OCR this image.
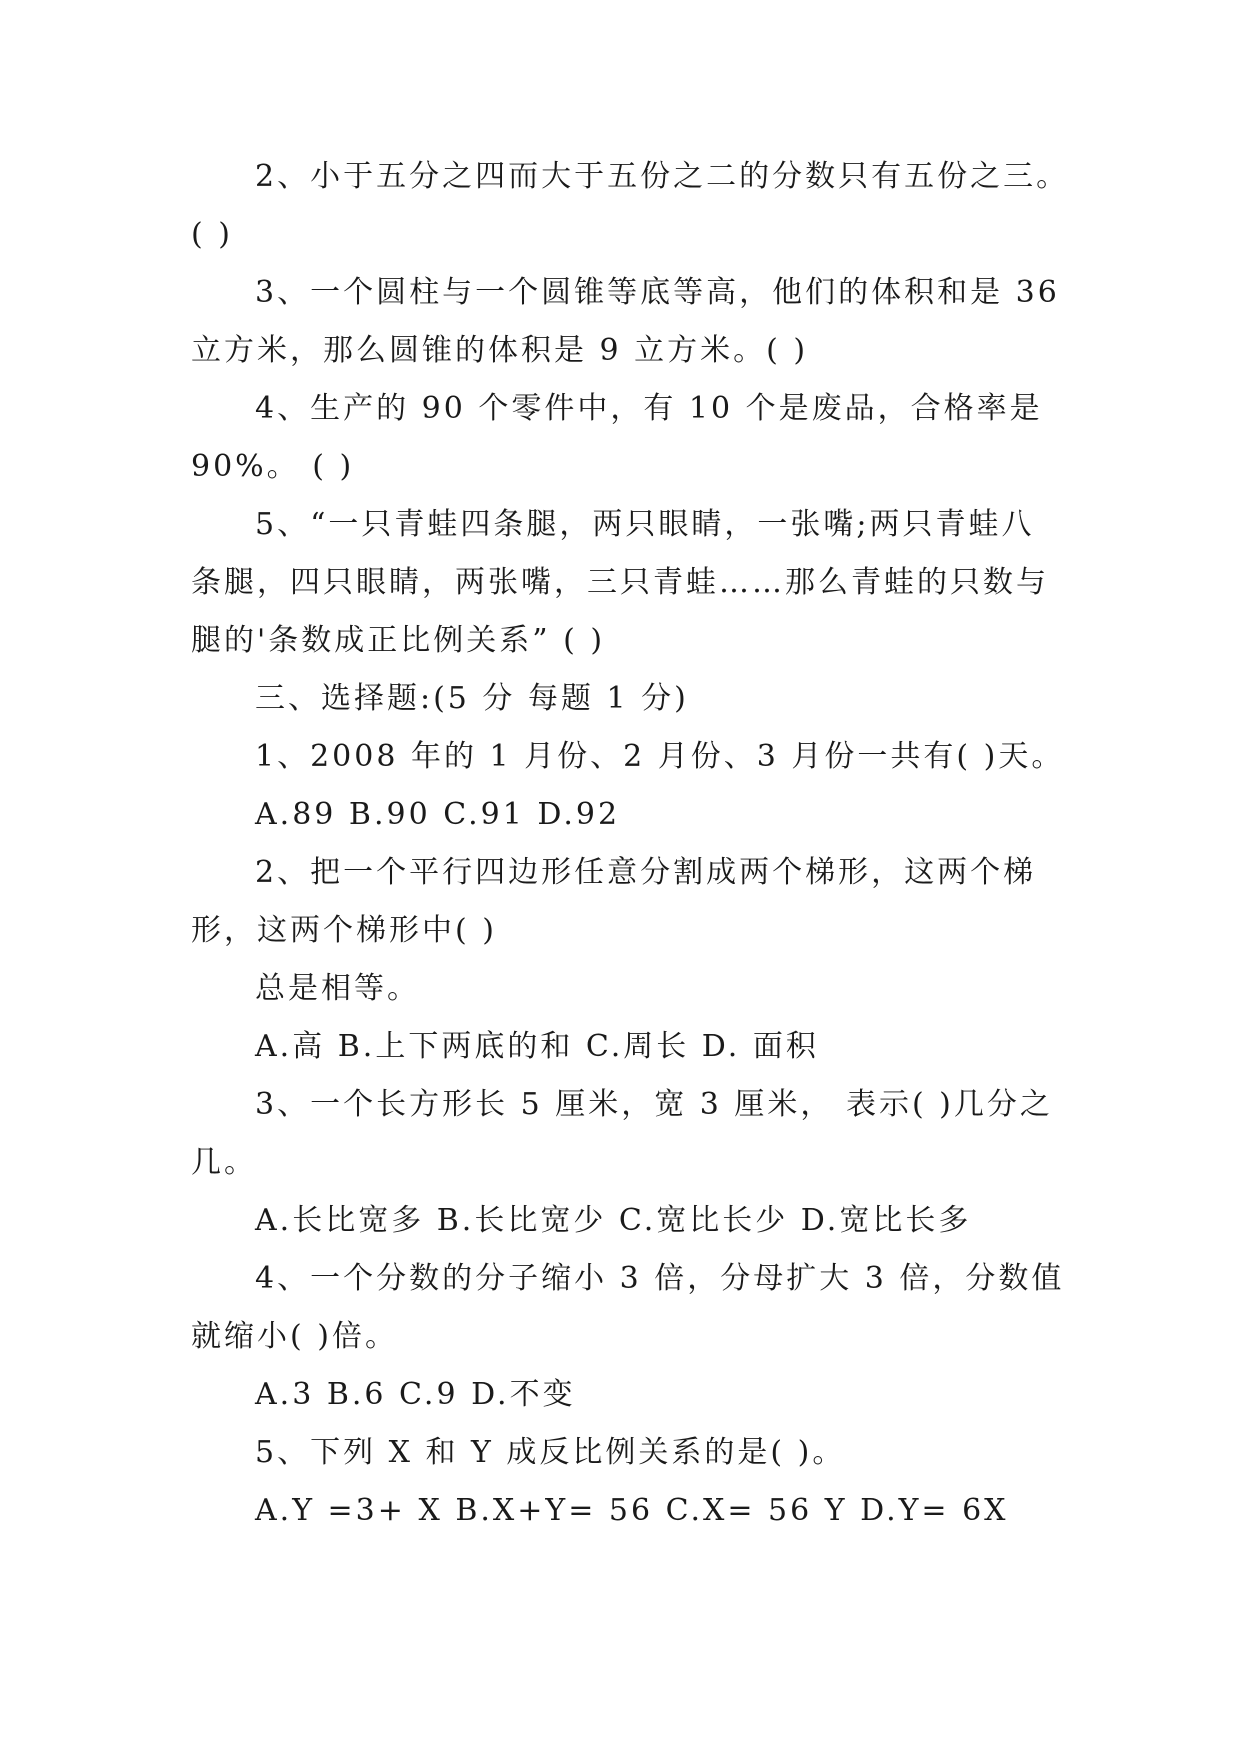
2、小于五分之四而大于五份之二的分数只有五份之三。
( )
3、一个圆柱与一个圆锥等底等高，他们的体积和是 36
立方米，那么圆锥的体积是 9 立方米。( )
4、生产的 90 个零件中，有 10 个是废品，合格率是
90%。 ( )
5、“一只青蛙四条腿，两只眼睛，一张嘴;两只青蛙八
条腿，四只眼睛，两张嘴，三只青蛙……那么青蛙的只数与
腿的'条数成正比例关系” ( )
三、选择题:(5 分 每题 1 分)
1、2008 年的 1 月份、2 月份、3 月份一共有( )天。
A.89 B.90 C.91 D.92
2、把一个平行四边形任意分割成两个梯形，这两个梯
形，这两个梯形中( )
总是相等。
A.高 B.上下两底的和 C.周长 D. 面积
3、一个长方形长 5 厘米，宽 3 厘米， 表示( )几分之
几。
A.长比宽多 B.长比宽少 C.宽比长少 D.宽比长多
4、一个分数的分子缩小 3 倍，分母扩大 3 倍，分数值
就缩小( )倍。
A.3 B.6 C.9 D.不变
5、下列 X 和 Y 成反比例关系的是( )。
A.Y =3+ X B.X+Y= 56 C.X= 56 Y D.Y= 6X
